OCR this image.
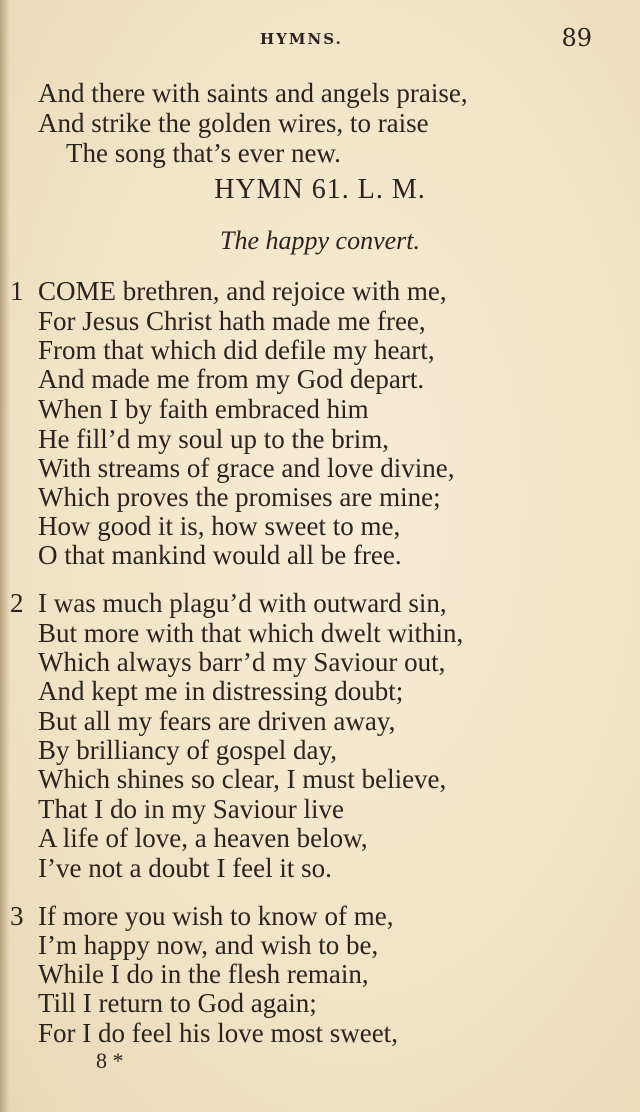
HYMNS.	89
And there with saints and angels praise,
And strike the golden wires, to raise
The song that’s ever new.
HYMN 61. L. M.
The happy convert.
1 COME brethren, and rejoice with me,
For Jesus Christ hath made me free,
From that which did defile my heart,
And made me from my God depart.
When I by faith embraced him
He fill’d my soul up to the brim,
With streams of grace and love divine,
Which proves the promises are mine;
How good it is, how sweet to me,
O that mankind would all be free.
2 I was much plagu’d with outward sin,
But more with that which dwelt within,
Which always barr’d my Saviour out,
And kept me in distressing doubt;
But all my fears are driven away,
By brilliancy of gospel day,
Which shines so clear, I must believe,
That I do in my Saviour live
A life of love, a heaven below,
I’ve not a doubt I feel it so.
3 If more you wish to know of me,
I’m happy now, and wish to be,
While I do in the flesh remain,
Till I return to God again;
For I do feel his love most sweet,
8 *
